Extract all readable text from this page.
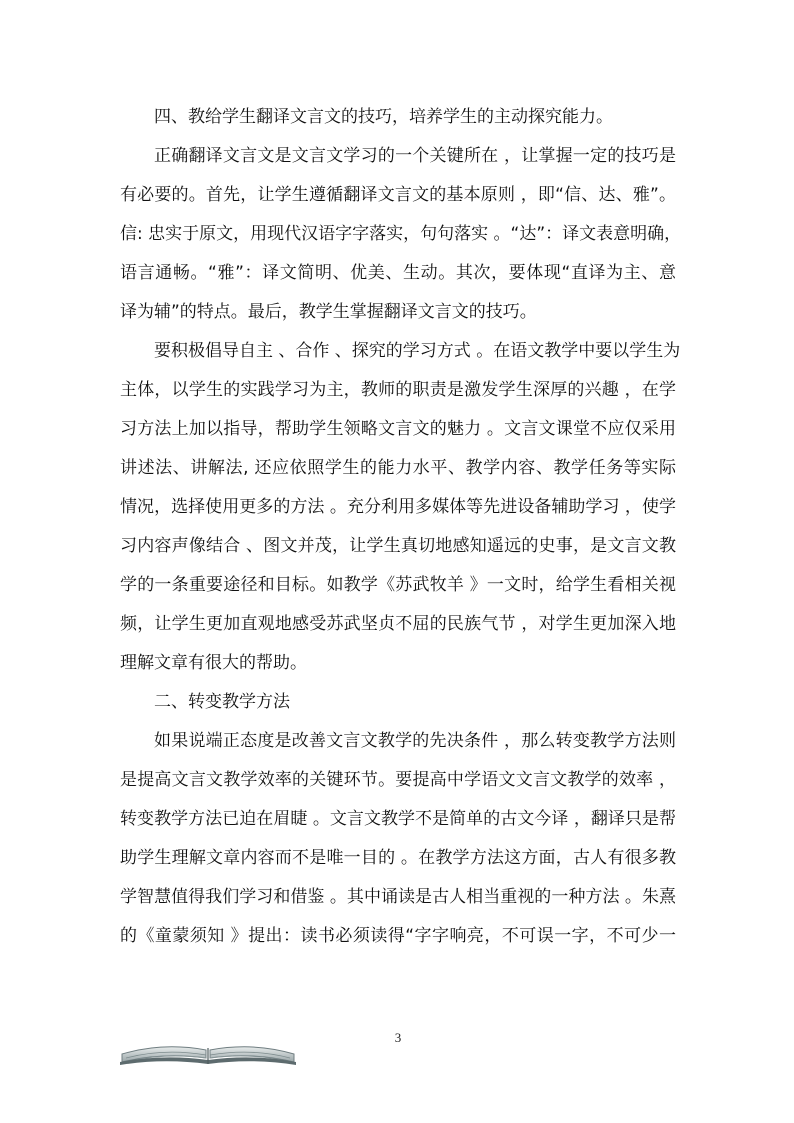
四、教给学生翻译文言文的技巧，培养学生的主动探究能力。
正确翻译文言文是文言文学习的一个关键所在 ，让掌握一定的技巧是
有必要的。首先，让学生遵循翻译文言文的基本原则 ，即“信、达、雅”。
信: 忠实于原文，用现代汉语字字落实，句句落实 。“达”：译文表意明确，
语言通畅。“雅”：译文简明、优美、生动。其次，要体现“直译为主、意
译为辅”的特点。最后，教学生掌握翻译文言文的技巧。
要积极倡导自主 、合作 、探究的学习方式 。在语文教学中要以学生为
主体，以学生的实践学习为主，教师的职责是激发学生深厚的兴趣 ，在学
习方法上加以指导，帮助学生领略文言文的魅力 。文言文课堂不应仅采用
讲述法、讲解法, 还应依照学生的能力水平、教学内容、教学任务等实际
情况，选择使用更多的方法 。充分利用多媒体等先进设备辅助学习 ，使学
习内容声像结合 、图文并茂，让学生真切地感知遥远的史事，是文言文教
学的一条重要途径和目标。如教学《苏武牧羊 》一文时，给学生看相关视
频，让学生更加直观地感受苏武坚贞不屈的民族气节 ，对学生更加深入地
理解文章有很大的帮助。
二、转变教学方法
如果说端正态度是改善文言文教学的先决条件 ，那么转变教学方法则
是提高文言文教学效率的关键环节。要提高中学语文文言文教学的效率 ，
转变教学方法已迫在眉睫 。文言文教学不是简单的古文今译 ，翻译只是帮
助学生理解文章内容而不是唯一目的 。在教学方法这方面，古人有很多教
学智慧值得我们学习和借鉴 。其中诵读是古人相当重视的一种方法 。朱熹
的《童蒙须知 》提出：读书必须读得“字字响亮，不可误一字，不可少一
3
